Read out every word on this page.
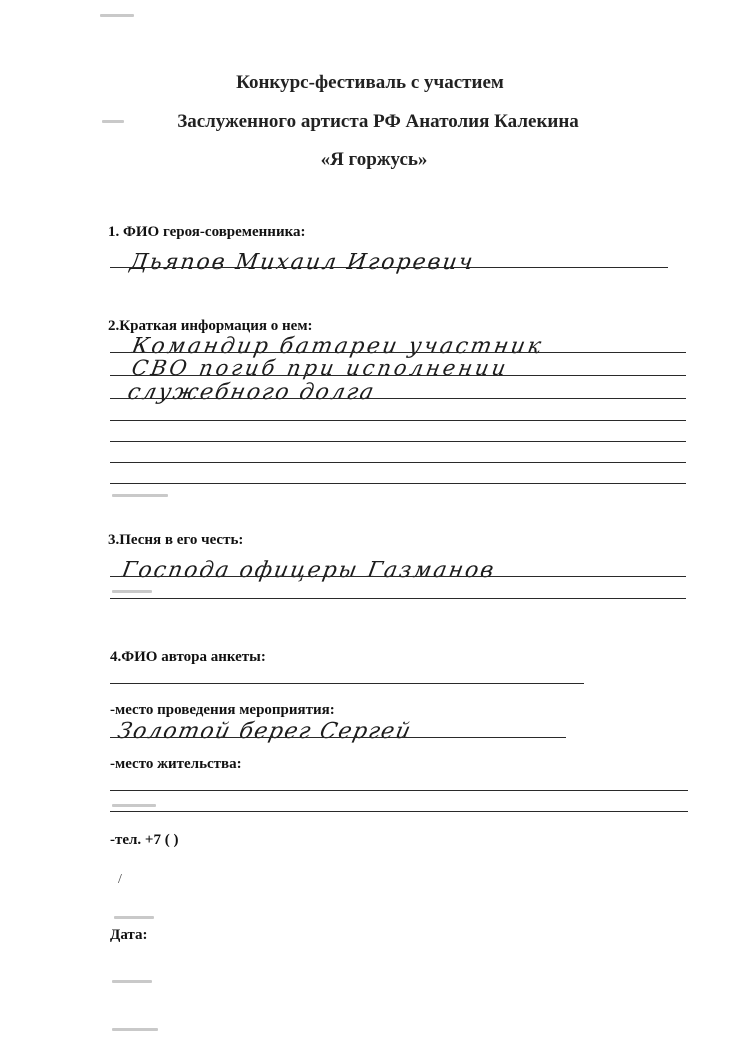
Конкурс-фестиваль с участием
Заслуженного артиста РФ Анатолия Калекина
«Я горжусь»
1. ФИО героя-современника:
Дьяпов Михаил Игоревич
2.Краткая информация о нем:
Командир батареи участник
СВО погиб при исполнении
служебного долга
3.Песня в его честь:
Господа офицеры Газманов
4.ФИО автора анкеты:
-место проведения мероприятия:
Золотой берег Сергей
-место жительства:
-тел. +7 ( )
/
Дата:
